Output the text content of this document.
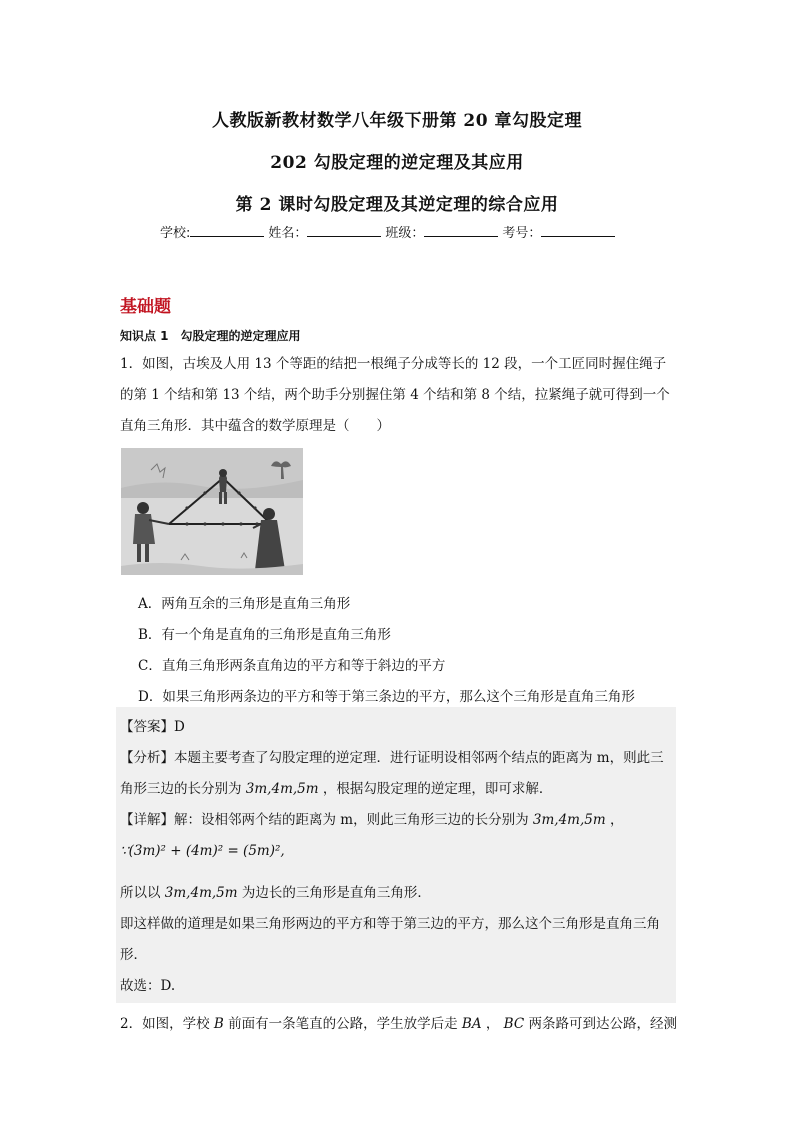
人教版新教材数学八年级下册第 20 章勾股定理
202 勾股定理的逆定理及其应用
第 2 课时勾股定理及其逆定理的综合应用
学校:	姓名：	班级：	考号：
基础题
知识点 1　勾股定理的逆定理应用
1．如图，古埃及人用 13 个等距的结把一根绳子分成等长的 12 段，一个工匠同时握住绳子
的第 1 个结和第 13 个结，两个助手分别握住第 4 个结和第 8 个结，拉紧绳子就可得到一个
直角三角形．其中蕴含的数学原理是（　　）
A．两角互余的三角形是直角三角形
B．有一个角是直角的三角形是直角三角形
C．直角三角形两条直角边的平方和等于斜边的平方
D．如果三角形两条边的平方和等于第三条边的平方，那么这个三角形是直角三角形
【答案】D
【分析】本题主要考查了勾股定理的逆定理．进行证明设相邻两个结点的距离为 m，则此三
角形三边的长分别为 3m,4m,5m ，根据勾股定理的逆定理，即可求解．
【详解】解：设相邻两个结的距离为 m，则此三角形三边的长分别为 3m,4m,5m ，
∵(3m)² + (4m)² = (5m)²,
所以以 3m,4m,5m 为边长的三角形是直角三角形．
即这样做的道理是如果三角形两边的平方和等于第三边的平方，那么这个三角形是直角三角
形．
故选：D.
2．如图，学校 B 前面有一条笔直的公路，学生放学后走 BA ， BC 两条路可到达公路，经测
